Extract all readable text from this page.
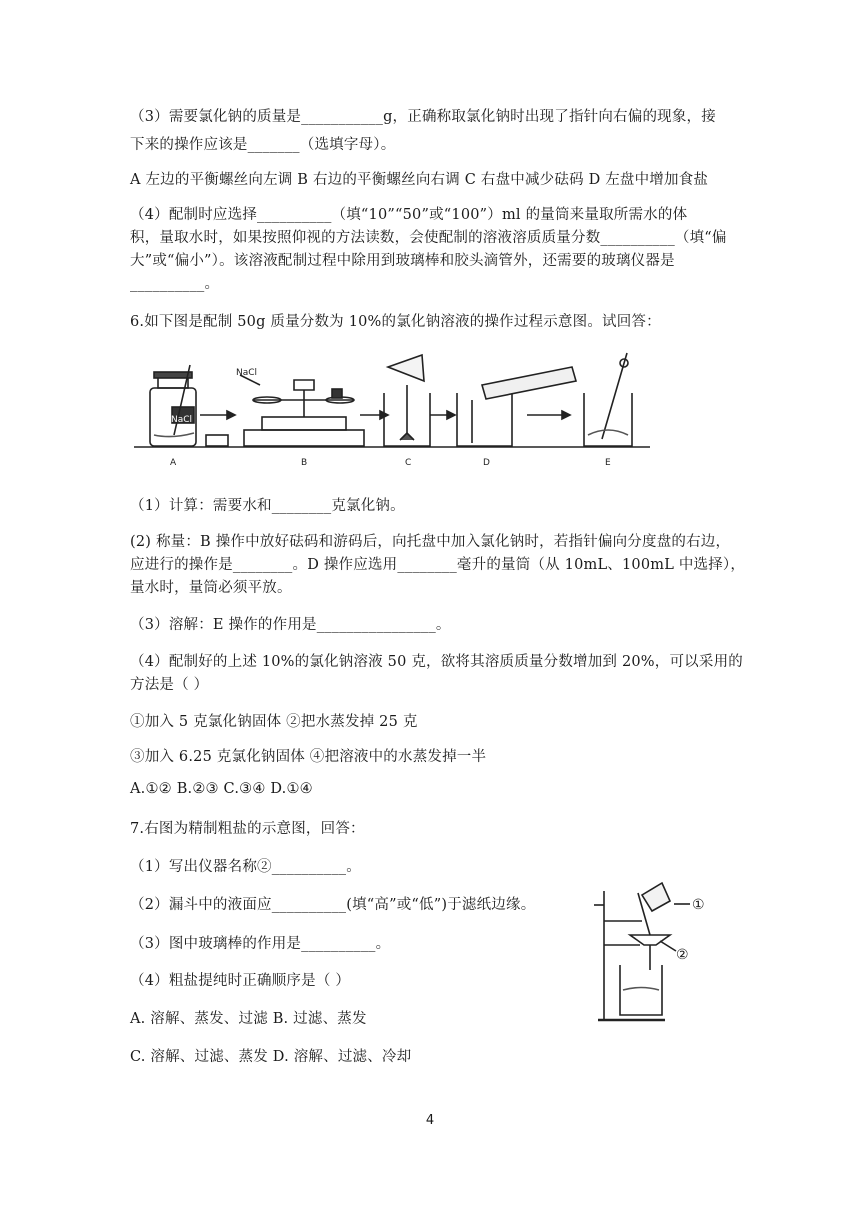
（3）需要氯化钠的质量是___________g，正确称取氯化钠时出现了指针向右偏的现象，接
下来的操作应该是_______（选填字母）。
A 左边的平衡螺丝向左调 B 右边的平衡螺丝向右调 C 右盘中减少砝码 D 左盘中增加食盐
（4）配制时应选择__________（填“10”“50”或“100”）ml 的量筒来量取所需水的体
积，量取水时，如果按照仰视的方法读数，会使配制的溶液溶质质量分数__________（填“偏
大”或“偏小”）。该溶液配制过程中除用到玻璃棒和胶头滴管外，还需要的玻璃仪器是
__________。
6.如下图是配制 50g 质量分数为 10%的氯化钠溶液的操作过程示意图。试回答：
NaCl
NaCl
A	B	C	D	E
（1）计算：需要水和________克氯化钠。
(2) 称量：B 操作中放好砝码和游码后，向托盘中加入氯化钠时，若指针偏向分度盘的右边，
应进行的操作是________。D 操作应选用________毫升的量筒（从 10mL、100mL 中选择），
量水时，量筒必须平放。
（3）溶解：E 操作的作用是________________。
（4）配制好的上述 10%的氯化钠溶液 50 克，欲将其溶质质量分数增加到 20%，可以采用的
方法是（ ）
①加入 5 克氯化钠固体 ②把水蒸发掉 25 克
③加入 6.25 克氯化钠固体 ④把溶液中的水蒸发掉一半
A.①② B.②③ C.③④ D.①④
7.右图为精制粗盐的示意图，回答：
（1）写出仪器名称②__________。
（2）漏斗中的液面应__________(填“高”或“低”)于滤纸边缘。
（3）图中玻璃棒的作用是__________。
（4）粗盐提纯时正确顺序是（ ）
A. 溶解、蒸发、过滤 B. 过滤、蒸发
C. 溶解、过滤、蒸发 D. 溶解、过滤、冷却
①
②
4
